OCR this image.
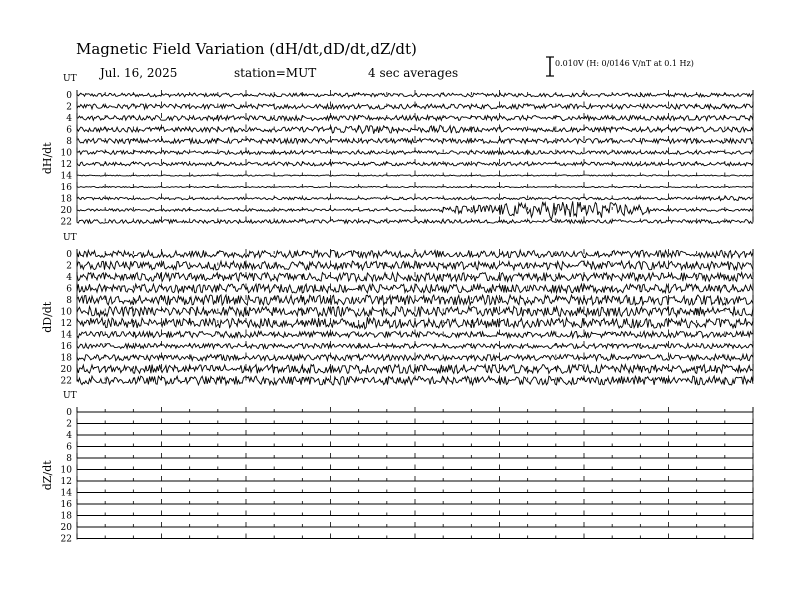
UT
dH/dt
0
2
4
6
8
10
12
14
16
18
20
22
UT
dD/dt
0
2
4
6
8
10
12
14
16
18
20
22
UT
dZ/dt
0
2
4
6
8
10
12
14
16
18
20
22
Magnetic Field Variation (dH/dt,dD/dt,dZ/dt)
Jul. 16, 2025	station=MUT	4 sec averages
0.010V (H: 0/0146 V/nT at 0.1 Hz)
